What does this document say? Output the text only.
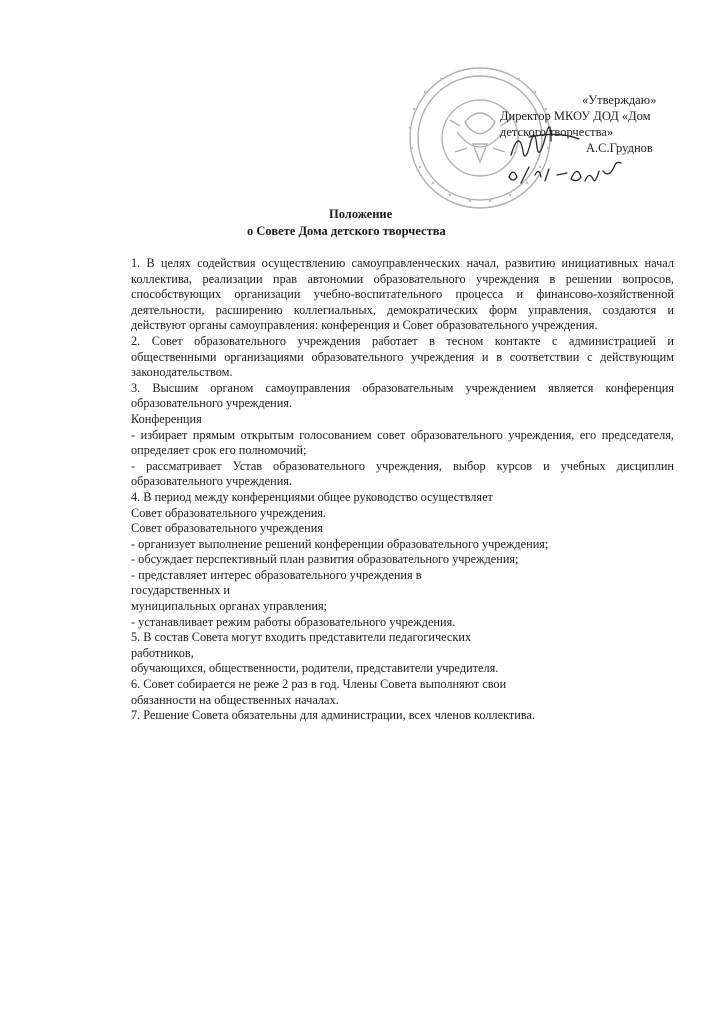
«Утверждаю»
Директор МКОУ ДОД «Дом
детского творчества»
А.С.Груднов
Положение
о Совете Дома детского творчества

1. В целях содействия осуществлению самоуправленческих начал, развитию инициативных начал коллектива, реализации прав автономии образовательного учреждения в решении вопросов, способствующих организации учебно-воспитательного процесса и финансово-хозяйственной деятельности, расширению коллегиальных, демократических форм управления, создаются и действуют органы самоуправления: конференция и Совет образовательного учреждения.

2. Совет образовательного учреждения работает в тесном контакте с администрацией и общественными организациями образовательного учреждения и в соответствии с действующим законодательством.

3. Высшим органом самоуправления образовательным учреждением является конференция образовательного учреждения.

Конференция

- избирает прямым открытым голосованием совет образовательного учреждения, его председателя, определяет срок его полномочий;

- рассматривает Устав образовательного учреждения, выбор курсов и учебных дисциплин образовательного учреждения.

4. В период между конференциями общее руководство осуществляет

Совет образовательного учреждения.

Совет образовательного учреждения

- организует выполнение решений конференции образовательного учреждения;

- обсуждает перспективный план развития образовательного учреждения;

- представляет интерес образовательного учреждения в

государственных и

муниципальных органах управления;

- устанавливает режим работы образовательного учреждения.

5. В состав Совета могут входить представители педагогических

работников,

обучающихся, общественности, родители, представители учредителя.

6. Совет собирается не реже 2 раз в год. Члены Совета выполняют свои обязанности на общественных началах.

7. Решение Совета обязательны для администрации, всех членов коллектива.
